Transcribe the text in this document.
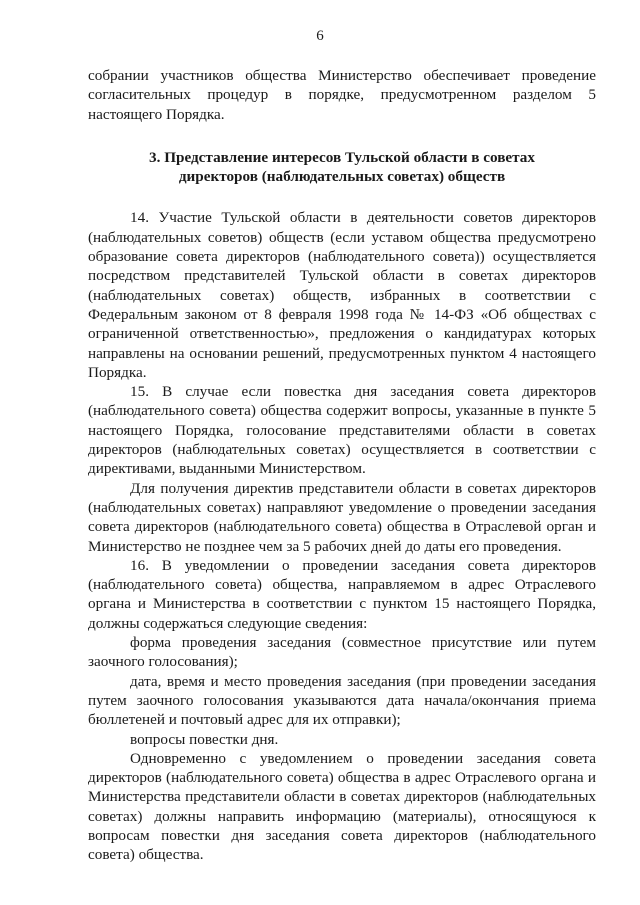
6

собрании участников общества Министерство обеспечивает проведение согласительных процедур в порядке, предусмотренном разделом 5 настоящего Порядка.

3. Представление интересов Тульской области в советах
директоров (наблюдательных советах) обществ

14. Участие Тульской области в деятельности советов директоров (наблюдательных советов) обществ (если уставом общества предусмотрено образование совета директоров (наблюдательного совета)) осуществляется посредством представителей Тульской области в советах директоров (наблюдательных советах) обществ, избранных в соответствии с Федеральным законом от 8 февраля 1998 года № 14-ФЗ «Об обществах с ограниченной ответственностью», предложения о кандидатурах которых направлены на основании решений, предусмотренных пунктом 4 настоящего Порядка.

15. В случае если повестка дня заседания совета директоров (наблюдательного совета) общества содержит вопросы, указанные в пункте 5 настоящего Порядка, голосование представителями области в советах директоров (наблюдательных советах) осуществляется в соответствии с директивами, выданными Министерством.

Для получения директив представители области в советах директоров (наблюдательных советах) направляют уведомление о проведении заседания совета директоров (наблюдательного совета) общества в Отраслевой орган и Министерство не позднее чем за 5 рабочих дней до даты его проведения.

16. В уведомлении о проведении заседания совета директоров (наблюдательного совета) общества, направляемом в адрес Отраслевого органа и Министерства в соответствии с пунктом 15 настоящего Порядка, должны содержаться следующие сведения:

форма проведения заседания (совместное присутствие или путем заочного голосования);

дата, время и место проведения заседания (при проведении заседания путем заочного голосования указываются дата начала/окончания приема бюллетеней и почтовый адрес для их отправки);

вопросы повестки дня.

Одновременно с уведомлением о проведении заседания совета директоров (наблюдательного совета) общества в адрес Отраслевого органа и Министерства представители области в советах директоров (наблюдательных советах) должны направить информацию (материалы), относящуюся к вопросам повестки дня заседания совета директоров (наблюдательного совета) общества.
